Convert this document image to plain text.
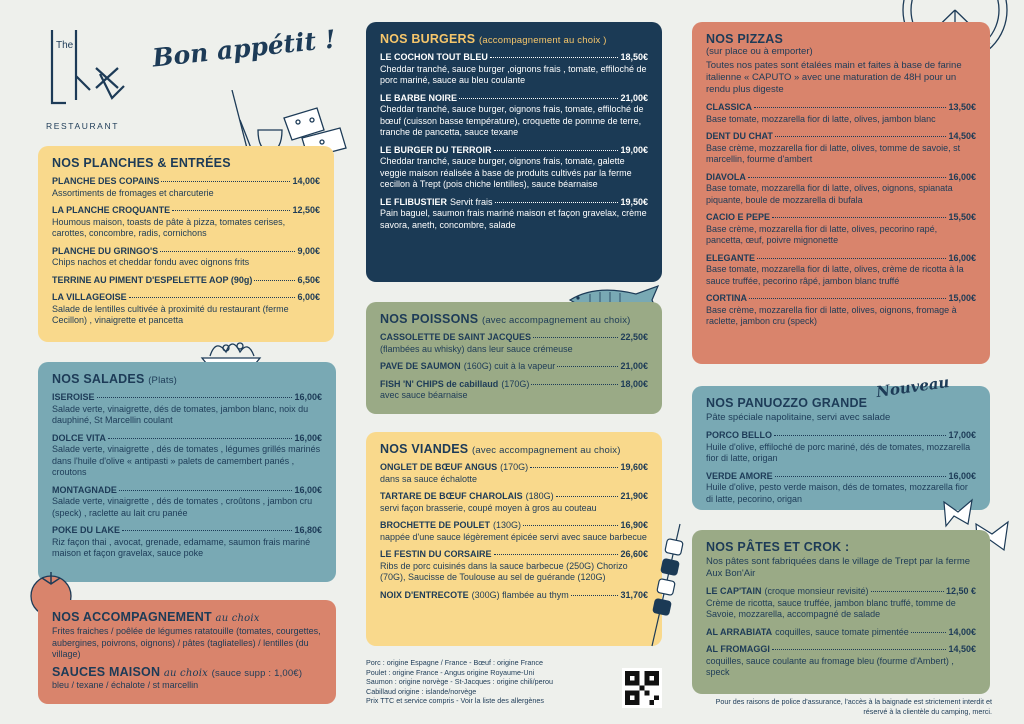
The
RESTAURANT
Bon appétit !
NOS PLANCHES & ENTRÉES
PLANCHE DES COPAINS	14,00€
Assortiments de fromages et charcuterie
LA PLANCHE CROQUANTE	12,50€
Houmous maison, toasts de pâte à pizza, tomates cerises, carottes, concombre, radis, cornichons
PLANCHE DU GRINGO'S	9,00€
Chips nachos et cheddar fondu avec oignons frits
TERRINE AU PIMENT D'ESPELETTE AOP (90g)	6,50€
LA VILLAGEOISE	6,00€
Salade de lentilles cultivée à proximité du restaurant (ferme Cecillon) , vinaigrette et pancetta
NOS SALADES (Plats)
ISEROISE	16,00€
Salade verte, vinaigrette, dés de tomates, jambon blanc, noix du dauphiné, St Marcellin coulant
DOLCE VITA	16,00€
Salade verte, vinaigrette , dés de tomates , légumes grillés marinés dans l'huile d'olive « antipasti » palets de camembert panés , croutons
MONTAGNADE	16,00€
Salade verte, vinaigrette , dés de tomates , croûtons , jambon cru (speck) , raclette au lait cru panée
POKE DU LAKE	16,80€
Riz façon thai , avocat, grenade, edamame, saumon frais mariné maison et façon gravelax, sauce poke
NOS ACCOMPAGNEMENT au choix
Frites fraiches / poêlée de légumes ratatouille (tomates, courgettes, aubergines, poivrons, oignons) / pâtes (tagliatelles) / lentilles (du village)
SAUCES MAISON au choix (sauce supp : 1,00€)
bleu / texane / échalote / st marcellin
NOS BURGERS (accompagnement au choix )
LE COCHON TOUT BLEU	18,50€
Cheddar tranché, sauce burger ,oignons frais , tomate, effiloché de porc mariné, sauce au bleu coulante
LE BARBE NOIRE	21,00€
Cheddar tranché, sauce burger, oignons frais, tomate, effiloché de bœuf (cuisson basse température), croquette de pomme de terre, tranche de pancetta, sauce texane
LE BURGER DU TERROIR	19,00€
Cheddar tranché, sauce burger, oignons frais, tomate, galette veggie maison réalisée à base de produits cultivés par la ferme cecillon à Trept (pois chiche lentilles), sauce béarnaise
LE FLIBUSTIER Servit frais	19,50€
Pain baguel, saumon frais mariné maison et façon gravelax, crème savora, aneth, concombre, salade
NOS POISSONS (avec accompagnement au choix)
CASSOLETTE DE SAINT JACQUES	22,50€
(flambées au whisky) dans leur sauce crémeuse
PAVE DE SAUMON (160G) cuit à la vapeur	21,00€
FISH 'N' CHIPS de cabillaud (170G)	18,00€
avec sauce béarnaise
NOS VIANDES (avec accompagnement au choix)
ONGLET DE BŒUF ANGUS (170G)	19,60€
dans sa sauce échalotte
TARTARE DE BŒUF CHAROLAIS (180G)	21,90€
servi façon brasserie, coupé moyen à gros au couteau
BROCHETTE DE POULET (130G)	16,90€
nappée d'une sauce légèrement épicée servi avec sauce barbecue
LE FESTIN DU CORSAIRE	26,60€
Ribs de porc cuisinés dans la sauce barbecue (250G) Chorizo (70G), Saucisse de Toulouse au sel de guérande (120G)
NOIX D'ENTRECOTE (300G) flambée au thym	31,70€
Porc : origine Espagne / France - Bœuf : origine France
Poulet : origine France - Angus origine Royaume-Uni
Saumon : origine norvège - St-Jacques : origine chili/perou
Cabillaud origine : islande/norvège
Prix TTC et service compris - Voir la liste des allergènes
NOS PIZZAS
(sur place ou à emporter)
Toutes nos pates sont étalées main et faites à base de farine italienne « CAPUTO » avec une maturation de 48H pour un rendu plus digeste
CLASSICA	13,50€
Base tomate, mozzarella fior di latte, olives, jambon blanc
DENT DU CHAT	14,50€
Base crème, mozzarella fior di latte, olives, tomme de savoie, st marcellin, fourme d'ambert
DIAVOLA	16,00€
Base tomate, mozzarella fior di latte, olives, oignons, spianata piquante, boule de mozzarella di bufala
CACIO E PEPE	15,50€
Base crème, mozzarella fior di latte, olives, pecorino rapé, pancetta, œuf, poivre mignonette
ELEGANTE	16,00€
Base tomate, mozzarella fior di latte, olives, crème de ricotta à la sauce truffée, pecorino râpé, jambon blanc truffé
CORTINA	15,00€
Base crème, mozzarella fior di latte, olives, oignons, fromage à raclette, jambon cru (speck)
NOS PANUOZZO GRANDE
Pâte spéciale napolitaine, servi avec salade
PORCO BELLO	17,00€
Huile d'olive, effiloché de porc mariné, dés de tomates, mozzarella fior di latte, origan
VERDE AMORE	16,00€
Huile d'olive, pesto verde maison, dés de tomates, mozzarella fior di latte, pecorino, origan
Nouveau
NOS PÂTES ET CROK :
Nos pâtes sont fabriquées dans le village de Trept par la ferme Aux Bon'Air
LE CAP'TAIN (croque monsieur revisité)	12,50 €
Crème de ricotta, sauce truffée, jambon blanc truffé, tomme de Savoie, mozzarella, accompagné de salade
AL ARRABIATA coquilles, sauce tomate pimentée	14,00€
AL FROMAGGI	14,50€
coquilles, sauce coulante au fromage bleu (fourme d'Ambert) , speck
Pour des raisons de police d'assurance, l'accès à la baignade est strictement interdit et réservé à la clientèle du camping, merci.
